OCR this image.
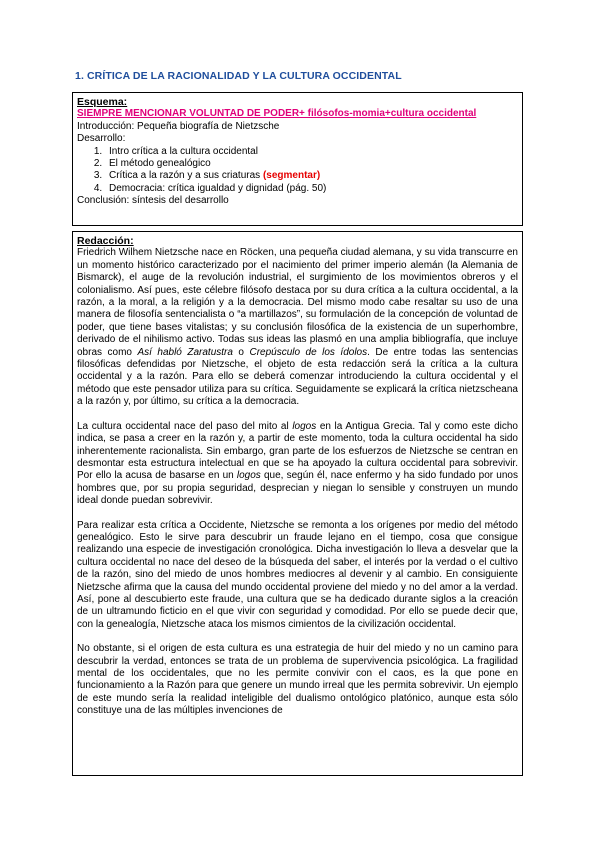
1. CRÍTICA DE LA RACIONALIDAD Y LA CULTURA OCCIDENTAL
Esquema:
SIEMPRE MENCIONAR VOLUNTAD DE PODER+ filósofos-momia+cultura occidental
Introducción: Pequeña biografía de Nietzsche
Desarrollo:
1. Intro crítica a la cultura occidental
2. El método genealógico
3. Crítica a la razón y a sus criaturas (segmentar)
4. Democracia: crítica igualdad y dignidad (pág. 50)
Conclusión: síntesis del desarrollo
Redacción:

Friedrich Wilhem Nietzsche nace en Röcken, una pequeña ciudad alemana, y su vida transcurre en un momento histórico caracterizado por el nacimiento del primer imperio alemán (la Alemania de Bismarck), el auge de la revolución industrial, el surgimiento de los movimientos obreros y el colonialismo. Así pues, este célebre filósofo destaca por su dura crítica a la cultura occidental, a la razón, a la moral, a la religión y a la democracia. Del mismo modo cabe resaltar su uso de una manera de filosofía sentencialista o “a martillazos”, su formulación de la concepción de voluntad de poder, que tiene bases vitalistas; y su conclusión filosófica de la existencia de un superhombre, derivado de el nihilismo activo. Todas sus ideas las plasmó en una amplia bibliografía, que incluye obras como Así habló Zaratustra o Crepúsculo de los ídolos. De entre todas las sentencias filosóficas defendidas por Nietzsche, el objeto de esta redacción será la crítica a la cultura occidental y a la razón. Para ello se deberá comenzar introduciendo la cultura occidental y el método que este pensador utiliza para su crítica. Seguidamente se explicará la crítica nietzscheana a la razón y, por último, su crítica a la democracia.

La cultura occidental nace del paso del mito al logos en la Antigua Grecia. Tal y como este dicho indica, se pasa a creer en la razón y, a partir de este momento, toda la cultura occidental ha sido inherentemente racionalista. Sin embargo, gran parte de los esfuerzos de Nietzsche se centran en desmontar esta estructura intelectual en que se ha apoyado la cultura occidental para sobrevivir. Por ello la acusa de basarse en un logos que, según él, nace enfermo y ha sido fundado por unos hombres que, por su propia seguridad, desprecian y niegan lo sensible y construyen un mundo ideal donde puedan sobrevivir.

Para realizar esta crítica a Occidente, Nietzsche se remonta a los orígenes por medio del método genealógico. Esto le sirve para descubrir un fraude lejano en el tiempo, cosa que consigue realizando una especie de investigación cronológica. Dicha investigación lo lleva a desvelar que la cultura occidental no nace del deseo de la búsqueda del saber, el interés por la verdad o el cultivo de la razón, sino del miedo de unos hombres mediocres al devenir y al cambio. En consiguiente Nietzsche afirma que la causa del mundo occidental proviene del miedo y no del amor a la verdad. Así, pone al descubierto este fraude, una cultura que se ha dedicado durante siglos a la creación de un ultramundo ficticio en el que vivir con seguridad y comodidad. Por ello se puede decir que, con la genealogía, Nietzsche ataca los mismos cimientos de la civilización occidental.

No obstante, si el origen de esta cultura es una estrategia de huir del miedo y no un camino para descubrir la verdad, entonces se trata de un problema de supervivencia psicológica. La fragilidad mental de los occidentales, que no les permite convivir con el caos, es la que pone en funcionamiento a la Razón para que genere un mundo irreal que les permita sobrevivir. Un ejemplo de este mundo sería la realidad inteligible del dualismo ontológico platónico, aunque esta sólo constituye una de las múltiples invenciones de
